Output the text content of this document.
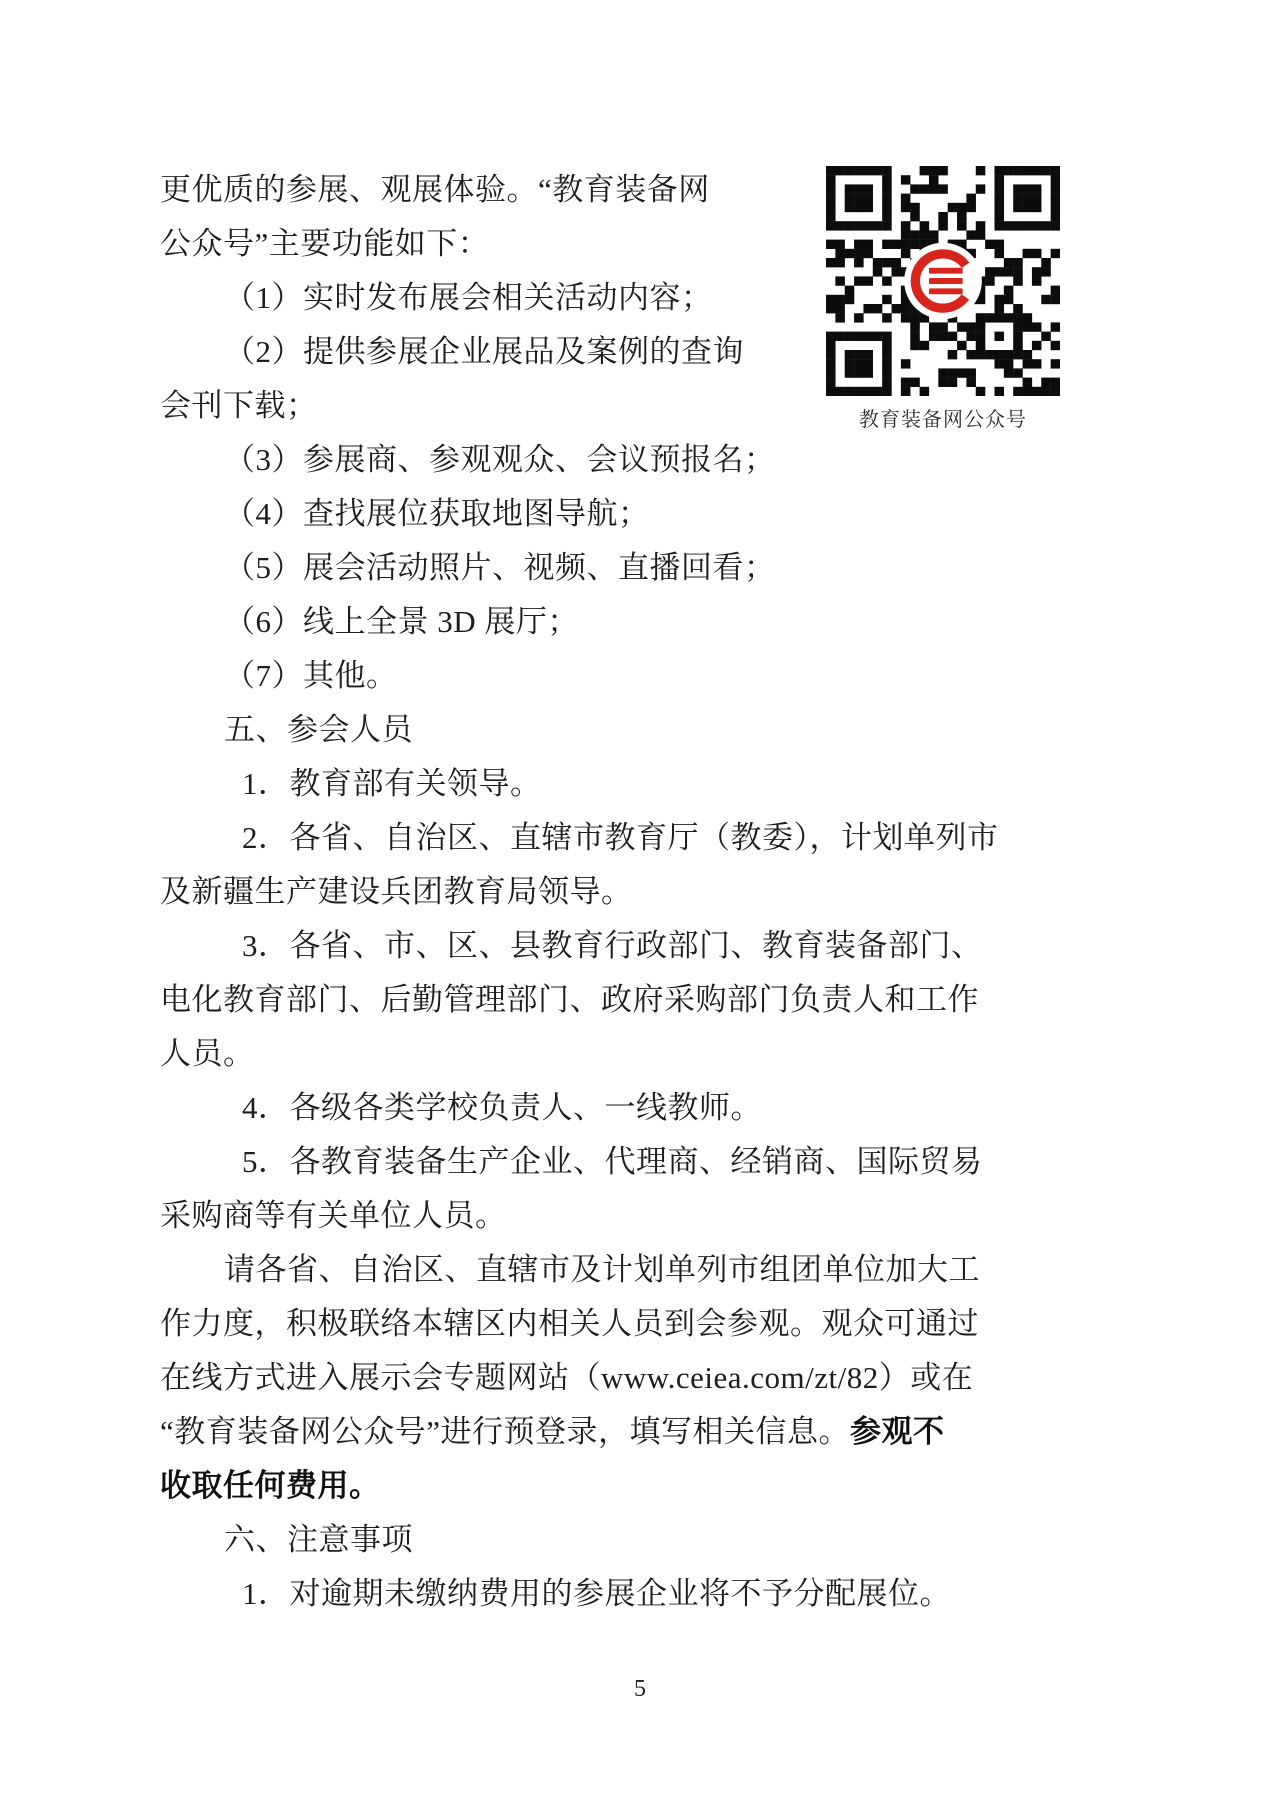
更优质的参展、观展体验。“教育装备网
公众号”主要功能如下：
（1）实时发布展会相关活动内容；
（2）提供参展企业展品及案例的查询
会刊下载；
（3）参展商、参观观众、会议预报名；
（4）查找展位获取地图导航；
（5）展会活动照片、视频、直播回看；
（6）线上全景 3D 展厅；
（7）其他。
五、参会人员
1．教育部有关领导。
2．各省、自治区、直辖市教育厅（教委），计划单列市
及新疆生产建设兵团教育局领导。
3．各省、市、区、县教育行政部门、教育装备部门、
电化教育部门、后勤管理部门、政府采购部门负责人和工作
人员。
4．各级各类学校负责人、一线教师。
5．各教育装备生产企业、代理商、经销商、国际贸易
采购商等有关单位人员。
请各省、自治区、直辖市及计划单列市组团单位加大工
作力度，积极联络本辖区内相关人员到会参观。观众可通过
在线方式进入展示会专题网站（www.ceiea.com/zt/82）或在
“教育装备网公众号”进行预登录，填写相关信息。参观不
收取任何费用。
六、注意事项
1．对逾期未缴纳费用的参展企业将不予分配展位。
教育装备网公众号
5
